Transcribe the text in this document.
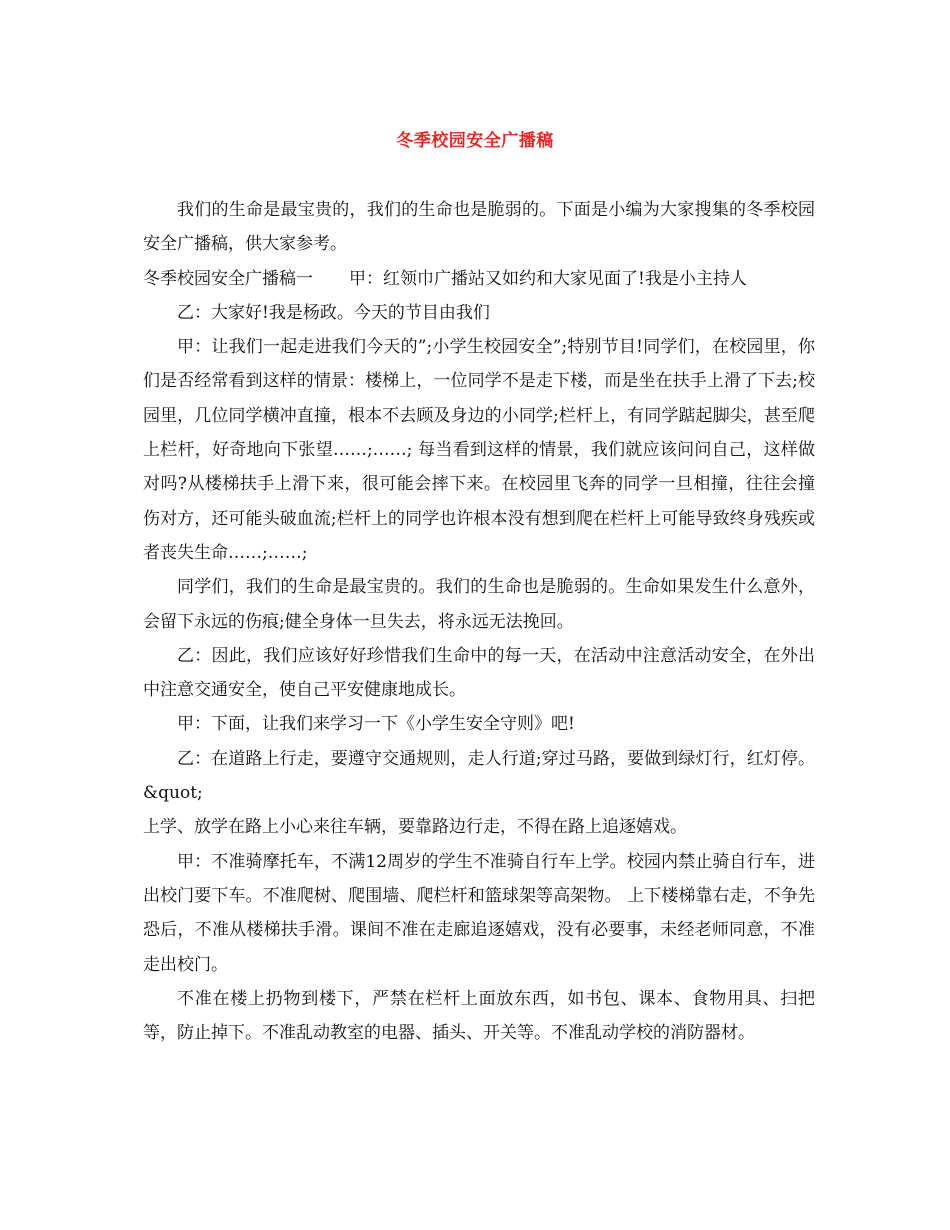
冬季校园安全广播稿

我们的生命是最宝贵的，我们的生命也是脆弱的。下面是小编为大家搜集的冬季校园安全广播稿，供大家参考。

冬季校园安全广播稿一 甲：红领巾广播站又如约和大家见面了!我是小主持人

乙：大家好!我是杨政。今天的节目由我们

甲：让我们一起走进我们今天的”;小学生校园安全”;特别节目!同学们，在校园里，你们是否经常看到这样的情景：楼梯上，一位同学不是走下楼，而是坐在扶手上滑了下去;校园里，几位同学横冲直撞，根本不去顾及身边的小同学;栏杆上，有同学踮起脚尖，甚至爬上栏杆，好奇地向下张望……;……; 每当看到这样的情景，我们就应该问问自己，这样做对吗?从楼梯扶手上滑下来，很可能会摔下来。在校园里飞奔的同学一旦相撞，往往会撞伤对方，还可能头破血流;栏杆上的同学也许根本没有想到爬在栏杆上可能导致终身残疾或者丧失生命……;……;

同学们，我们的生命是最宝贵的。我们的生命也是脆弱的。生命如果发生什么意外，会留下永远的伤痕;健全身体一旦失去，将永远无法挽回。

乙：因此，我们应该好好珍惜我们生命中的每一天，在活动中注意活动安全，在外出中注意交通安全，使自己平安健康地成长。

甲：下面，让我们来学习一下《小学生安全守则》吧!

乙：在道路上行走，要遵守交通规则，走人行道;穿过马路，要做到绿灯行，红灯停。&quot;

上学、放学在路上小心来往车辆，要靠路边行走，不得在路上追逐嬉戏。

甲：不准骑摩托车，不满12周岁的学生不准骑自行车上学。校园内禁止骑自行车，进出校门要下车。不准爬树、爬围墙、爬栏杆和篮球架等高架物。 上下楼梯靠右走，不争先恐后，不准从楼梯扶手滑。课间不准在走廊追逐嬉戏，没有必要事，未经老师同意，不准走出校门。

不准在楼上扔物到楼下，严禁在栏杆上面放东西，如书包、课本、食物用具、扫把等，防止掉下。不准乱动教室的电器、插头、开关等。不准乱动学校的消防器材。
